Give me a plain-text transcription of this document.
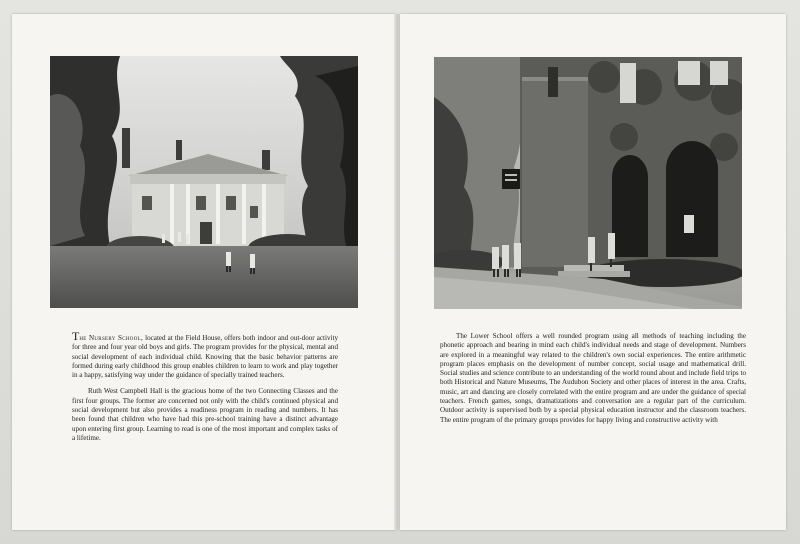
The Nursery School, located at the Field House, offers both indoor and out-door activity for three and four year old boys and girls. The program provides for the physical, mental and social development of each individual child. Knowing that the basic behavior patterns are formed during early childhood this group enables children to learn to work and play together in a happy, satisfying way under the guidance of specially trained teachers.

Ruth West Campbell Hall is the gracious home of the two Connecting Classes and the first four groups. The former are concerned not only with the child's continued physical and social development but also provides a readiness program in reading and numbers. It has been found that children who have had this pre-school training have a distinct advantage upon entering first group. Learning to read is one of the most important and complex tasks of a lifetime.

The Lower School offers a well rounded program using all methods of teaching including the phonetic approach and bearing in mind each child's individual needs and stage of development. Numbers are explored in a meaningful way related to the children's own social experiences. The entire arithmetic program places emphasis on the development of number concept, social usage and mathematical drill. Social studies and science contribute to an understanding of the world round about and include field trips to both Historical and Nature Museums, The Audubon Society and other places of interest in the area. Crafts, music, art and dancing are closely correlated with the entire program and are under the guidance of special teachers. French games, songs, dramatizations and conversation are a regular part of the curriculum. Outdoor activity is supervised both by a special physical education instructor and the classroom teachers. The entire program of the primary groups provides for happy living and constructive activity with
